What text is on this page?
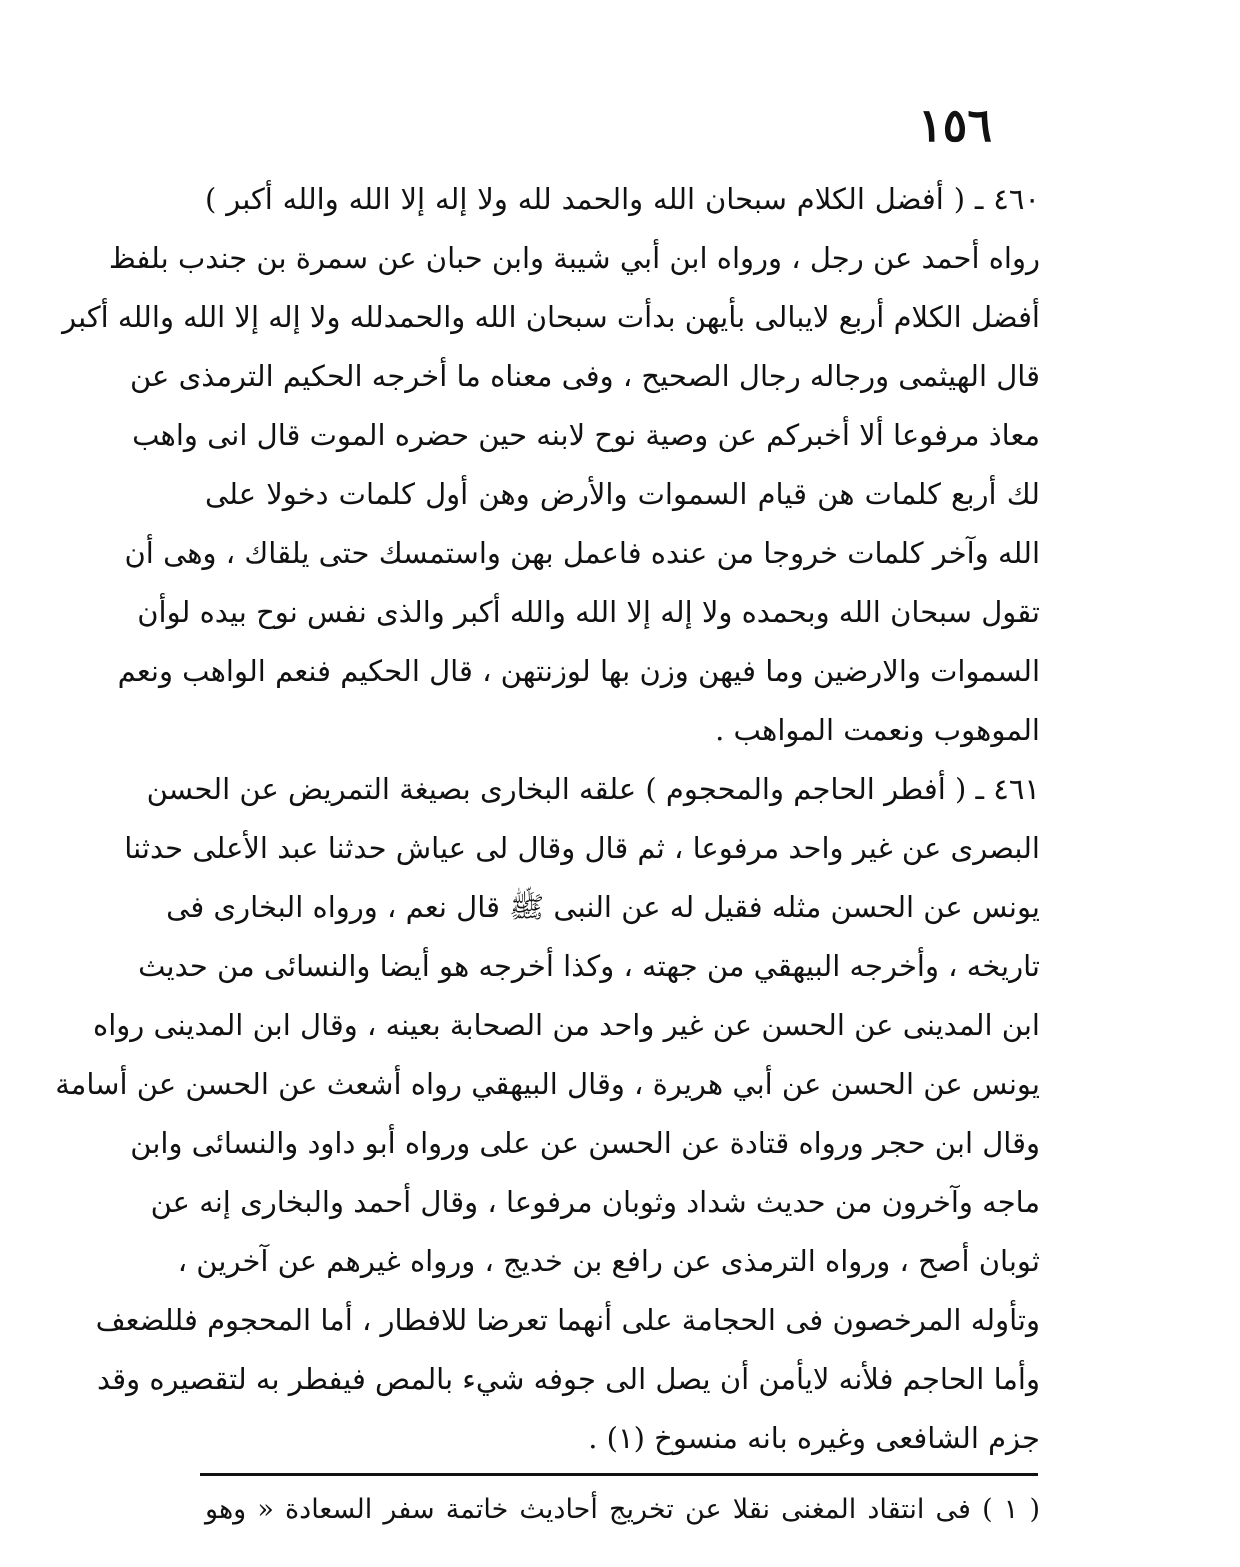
١٥٦
٤٦٠ ـ ( أفضل الكلام سبحان الله والحمد لله ولا إله إلا الله والله أكبر )
رواه أحمد عن رجل ، ورواه ابن أبي شيبة وابن حبان عن سمرة بن جندب بلفظ
أفضل الكلام أربع لايبالى بأيهن بدأت سبحان الله والحمدلله ولا إله إلا الله والله أكبر
قال الهيثمى ورجاله رجال الصحيح ، وفى معناه ما أخرجه الحكيم الترمذى عن
معاذ مرفوعا ألا أخبركم عن وصية نوح لابنه حين حضره الموت قال انى واهب
لك أربع كلمات هن قيام السموات والأرض وهن أول كلمات دخولا على
الله وآخر كلمات خروجا من عنده فاعمل بهن واستمسك حتى يلقاك ، وهى أن
تقول سبحان الله وبحمده ولا إله إلا الله والله أكبر والذى نفس نوح بيده لوأن
السموات والارضين وما فيهن وزن بها لوزنتهن ، قال الحكيم فنعم الواهب ونعم
الموهوب ونعمت المواهب .
٤٦١ ـ ( أفطر الحاجم والمحجوم ) علقه البخارى بصيغة التمريض عن الحسن
البصرى عن غير واحد مرفوعا ، ثم قال وقال لى عياش حدثنا عبد الأعلى حدثنا
يونس عن الحسن مثله فقيل له عن النبى ﷺ قال نعم ، ورواه البخارى فى
تاريخه ، وأخرجه البيهقي من جهته ، وكذا أخرجه هو أيضا والنسائى من حديث
ابن المدينى عن الحسن عن غير واحد من الصحابة بعينه ، وقال ابن المدينى رواه
يونس عن الحسن عن أبي هريرة ، وقال البيهقي رواه أشعث عن الحسن عن أسامة
وقال ابن حجر ورواه قتادة عن الحسن عن على ورواه أبو داود والنسائى وابن
ماجه وآخرون من حديث شداد وثوبان مرفوعا ، وقال أحمد والبخارى إنه عن
ثوبان أصح ، ورواه الترمذى عن رافع بن خديج ، ورواه غيرهم عن آخرين ،
وتأوله المرخصون فى الحجامة على أنهما تعرضا للافطار ، أما المحجوم فللضعف
وأما الحاجم فلأنه لايأمن أن يصل الى جوفه شيء بالمص فيفطر به لتقصيره وقد
جزم الشافعى وغيره بانه منسوخ (١) .
( ١ ) فى انتقاد المغنى نقلا عن تخريج أحاديث خاتمة سفر السعادة « وهو
